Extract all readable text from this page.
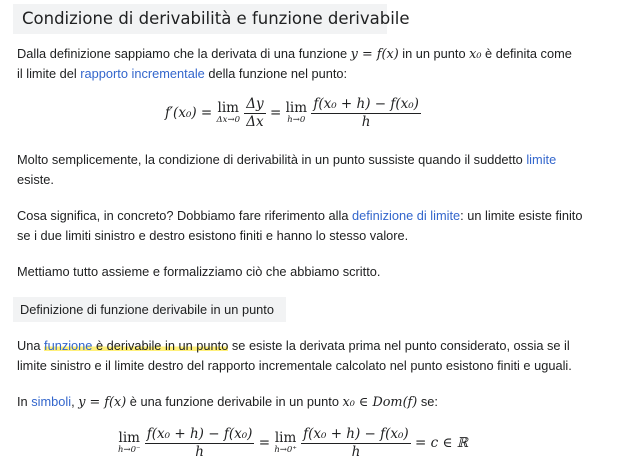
Condizione di derivabilità e funzione derivabile
Dalla definizione sappiamo che la derivata di una funzione y = f(x) in un punto x₀ è definita come
il limite del rapporto incrementale della funzione nel punto:
f′(x₀) = lim
Δx→0
$\frac{\Delta y}{\Delta x} = \lim$
h→0
$\frac{\text{f(x₀ + h) − f(x₀)}}{h}$
Molto semplicemente, la condizione di derivabilità in un punto sussiste quando il suddetto limite
esiste.
Cosa significa, in concreto? Dobbiamo fare riferimento alla definizione di limite: un limite esiste finito
se i due limiti sinistro e destro esistono finiti e hanno lo stesso valore.
Mettiamo tutto assieme e formalizziamo ciò che abbiamo scritto.
Definizione di funzione derivabile in un punto
Una funzione è derivabile in un punto se esiste la derivata prima nel punto considerato, ossia se il
limite sinistro e il limite destro del rapporto incrementale calcolato nel punto esistono finiti e uguali.
In simboli, y = f(x) è una funzione derivabile in un punto x₀ ∈ Dom(f) se:
lim
h→0⁻
$\frac{\text{f(x₀ + h) − f(x₀)}}{h} = \lim$
h→0⁺
$\frac{\text{f(x₀ + h) − f(x₀)}}{h} = c$ ∈ ℝ
